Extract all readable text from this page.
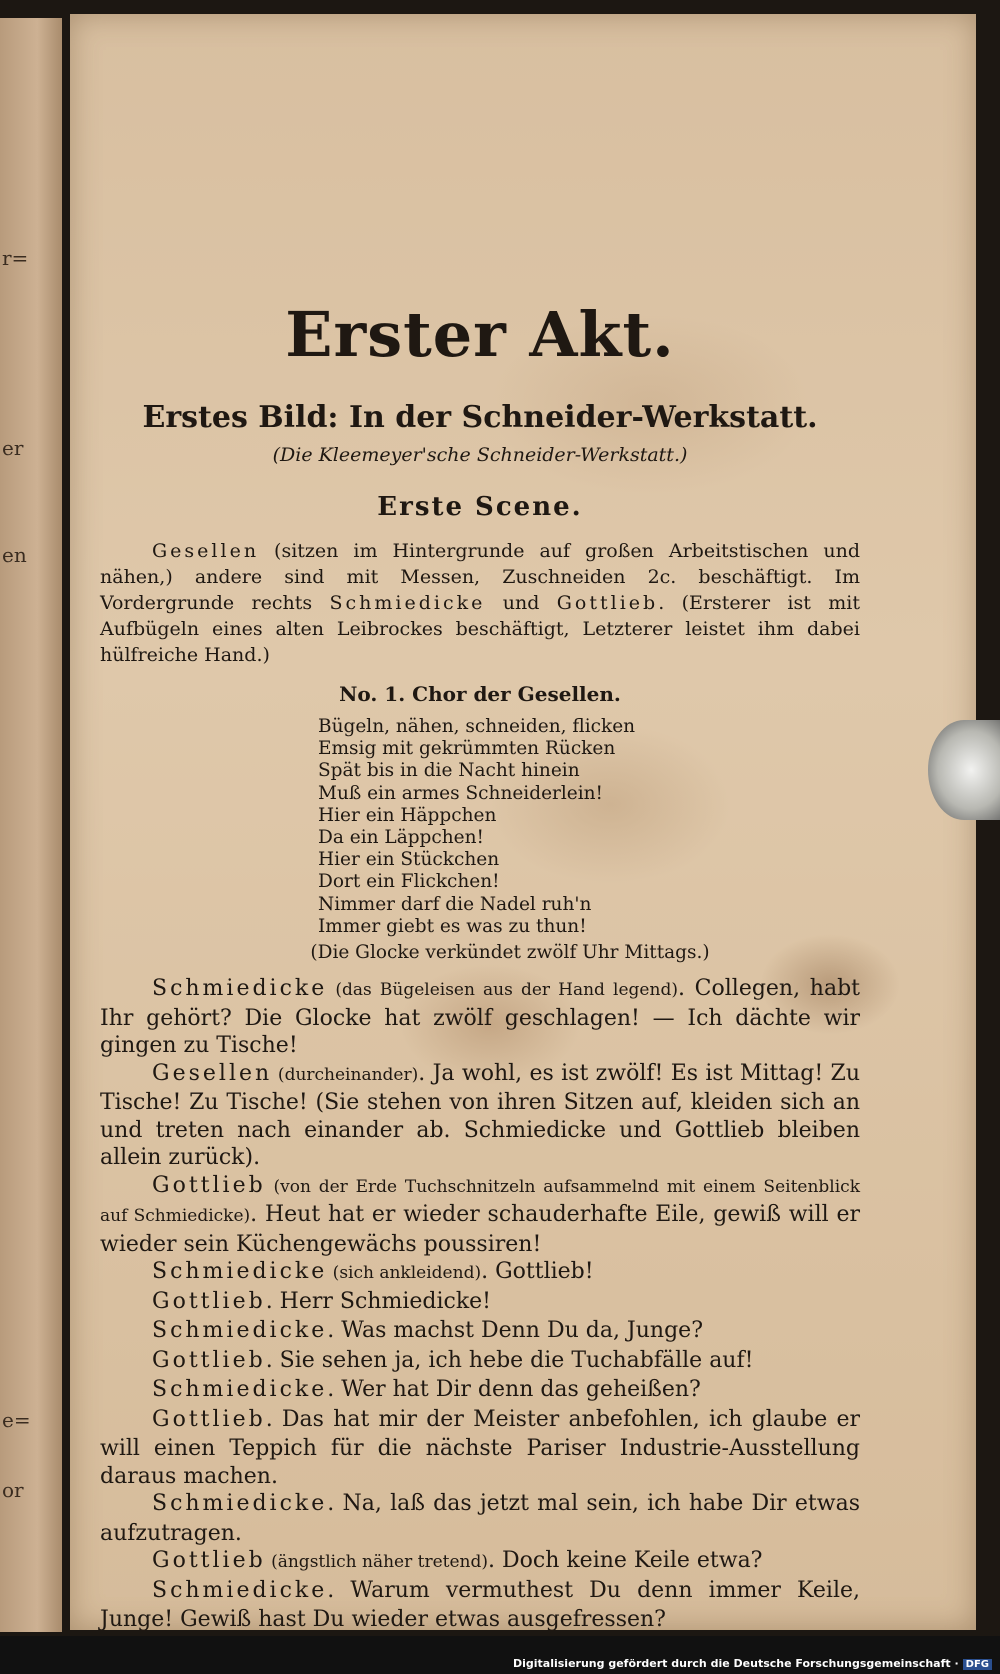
r=
er
en
e=
or
Erster Akt.
Erstes Bild: In der Schneider-Werkstatt.
(Die Kleemeyer'sche Schneider-Werkstatt.)
Erste Scene.
Gesellen (sitzen im Hintergrunde auf großen Arbeitstischen und nähen,) andere sind mit Messen, Zuschneiden 2c. beschäftigt. Im Vordergrunde rechts Schmiedicke und Gottlieb. (Ersterer ist mit Aufbügeln eines alten Leibrockes beschäftigt, Letzterer leistet ihm dabei hülfreiche Hand.)
No. 1. Chor der Gesellen.
Bügeln, nähen, schneiden, flicken
Emsig mit gekrümmten Rücken
Spät bis in die Nacht hinein
Muß ein armes Schneiderlein!
Hier ein Häppchen
Da ein Läppchen!
Hier ein Stückchen
Dort ein Flickchen!
Nimmer darf die Nadel ruh'n
Immer giebt es was zu thun!
(Die Glocke verkündet zwölf Uhr Mittags.)

Schmiedicke (das Bügeleisen aus der Hand legend). Collegen, habt Ihr gehört? Die Glocke hat zwölf geschlagen! — Ich dächte wir gingen zu Tische!

Gesellen (durcheinander). Ja wohl, es ist zwölf! Es ist Mittag! Zu Tische! Zu Tische! (Sie stehen von ihren Sitzen auf, kleiden sich an und treten nach einander ab. Schmiedicke und Gottlieb bleiben allein zurück).

Gottlieb (von der Erde Tuchschnitzeln aufsammelnd mit einem Seitenblick auf Schmiedicke). Heut hat er wieder schauderhafte Eile, gewiß will er wieder sein Küchengewächs poussiren!

Schmiedicke (sich ankleidend). Gottlieb!

Gottlieb. Herr Schmiedicke!

Schmiedicke. Was machst Denn Du da, Junge?

Gottlieb. Sie sehen ja, ich hebe die Tuchabfälle auf!

Schmiedicke. Wer hat Dir denn das geheißen?

Gottlieb. Das hat mir der Meister anbefohlen, ich glaube er will einen Teppich für die nächste Pariser Industrie-Ausstellung daraus machen.

Schmiedicke. Na, laß das jetzt mal sein, ich habe Dir etwas aufzutragen.

Gottlieb (ängstlich näher tretend). Doch keine Keile etwa?

Schmiedicke. Warum vermuthest Du denn immer Keile, Junge! Gewiß hast Du wieder etwas ausgefressen?

Digitalisierung gefördert durch die Deutsche Forschungsgemeinschaft · DFG
